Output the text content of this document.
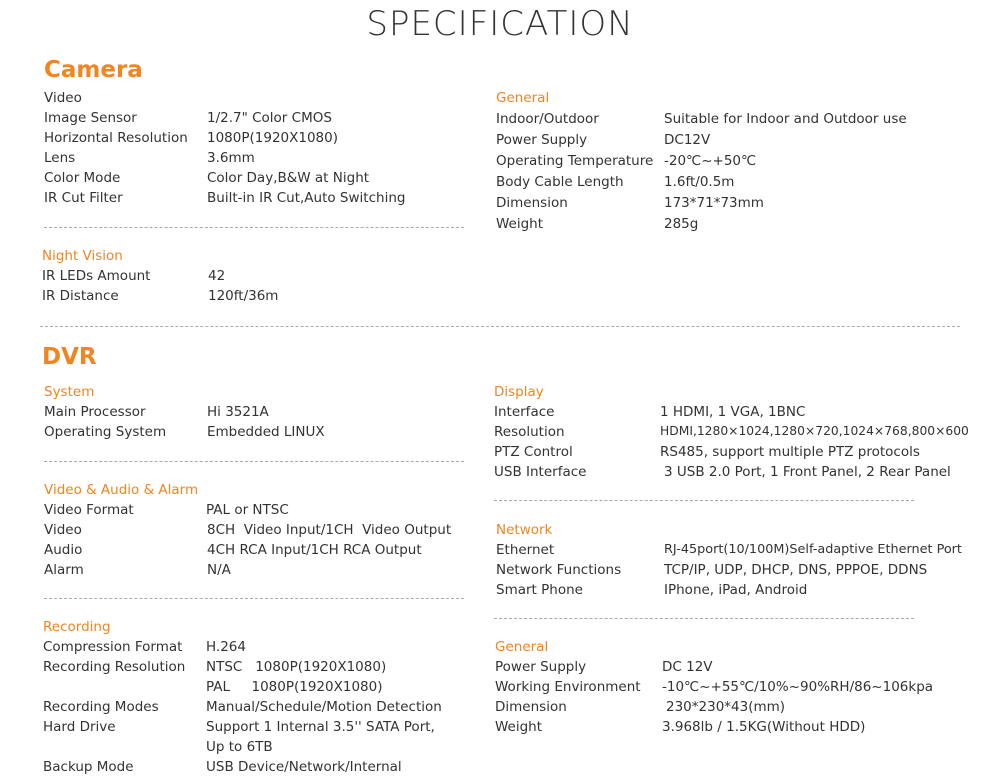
SPECIFICATION
Camera
Video
Image Sensor	1/2.7" Color CMOS
Horizontal Resolution 1080P(1920X1080)
Lens	3.6mm
Color Mode	Color Day,B&W at Night
IR Cut Filter	Built-in IR Cut,Auto Switching
Night Vision
IR LEDs Amount	42
IR Distance	120ft/36m
General
Indoor/Outdoor	Suitable for Indoor and Outdoor use
Power Supply	DC12V
Operating Temperature -20℃~+50℃
Body Cable Length	1.6ft/0.5m
Dimension	173*71*73mm
Weight	285g
DVR
System
Main Processor	Hi 3521A
Operating System	Embedded LINUX
Video & Audio & Alarm
Video Format	PAL or NTSC
Video	8CH  Video Input/1CH  Video Output
Audio	4CH RCA Input/1CH RCA Output
Alarm	N/A
Recording
Compression Format H.264
Recording Resolution NTSC   1080P(1920X1080)
PAL     1080P(1920X1080)
Recording Modes	Manual/Schedule/Motion Detection
Hard Drive	Support 1 Internal 3.5'' SATA Port,
Up to 6TB
Backup Mode	USB Device/Network/Internal
Display
Interface	1 HDMI, 1 VGA, 1BNC
Resolution	HDMI,1280×1024,1280×720,1024×768,800×600
PTZ Control	RS485, support multiple PTZ protocols
USB Interface	3 USB 2.0 Port, 1 Front Panel, 2 Rear Panel
Network
Ethernet	RJ-45port(10/100M)Self-adaptive Ethernet Port
Network Functions	TCP/IP, UDP, DHCP, DNS, PPPOE, DDNS
Smart Phone	IPhone, iPad, Android
General
Power Supply	DC 12V
Working Environment -10℃~+55℃/10%~90%RH/86~106kpa
Dimension	230*230*43(mm)
Weight	3.968lb / 1.5KG(Without HDD)
